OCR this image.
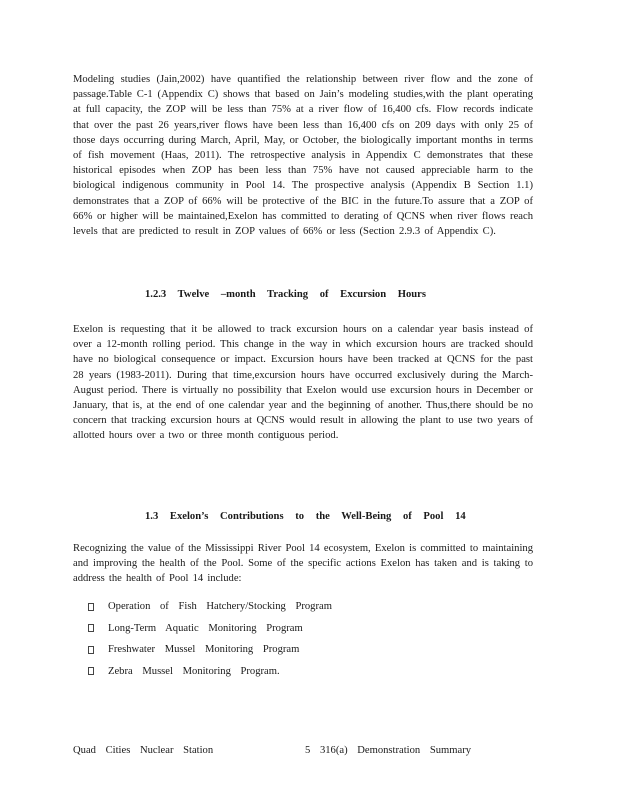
Modeling studies (Jain,2002) have quantified the relationship between river flow and the zone of passage.Table C-1 (Appendix C) shows that based on Jain’s modeling studies,with the plant operating at full capacity, the ZOP will be less than 75% at a river flow of 16,400 cfs. Flow records indicate that over the past 26 years,river flows have been less than 16,400 cfs on 209 days with only 25 of those days occurring during March, April, May, or October, the biologically important months in terms of fish movement (Haas, 2011). The retrospective analysis in Appendix C demonstrates that these historical episodes when ZOP has been less than 75% have not caused appreciable harm to the biological indigenous community in Pool 14. The prospective analysis (Appendix B Section 1.1) demonstrates that a ZOP of 66% will be protective of the BIC in the future.To assure that a ZOP of 66% or higher will be maintained,Exelon has committed to derating of QCNS when river flows reach levels that are predicted to result in ZOP values of 66% or less (Section 2.9.3 of Appendix C).
1.2.3 Twelve –month Tracking of Excursion Hours
Exelon is requesting that it be allowed to track excursion hours on a calendar year basis instead of over a 12-month rolling period. This change in the way in which excursion hours are tracked should have no biological consequence or impact. Excursion hours have been tracked at QCNS for the past 28 years (1983-2011). During that time,excursion hours have occurred exclusively during the March-August period. There is virtually no possibility that Exelon would use excursion hours in December or January, that is, at the end of one calendar year and the beginning of another. Thus,there should be no concern that tracking excursion hours at QCNS would result in allowing the plant to use two years of allotted hours over a two or three month contiguous period.
1.3 Exelon’s Contributions to the Well-Being of Pool 14
Recognizing the value of the Mississippi River Pool 14 ecosystem, Exelon is committed to maintaining and improving the health of the Pool. Some of the specific actions Exelon has taken and is taking to address the health of Pool 14 include:
Operation of Fish Hatchery/Stocking Program
Long-Term Aquatic Monitoring Program
Freshwater Mussel Monitoring Program
Zebra Mussel Monitoring Program.
Quad Cities Nuclear Station	5 316(a) Demonstration Summary
